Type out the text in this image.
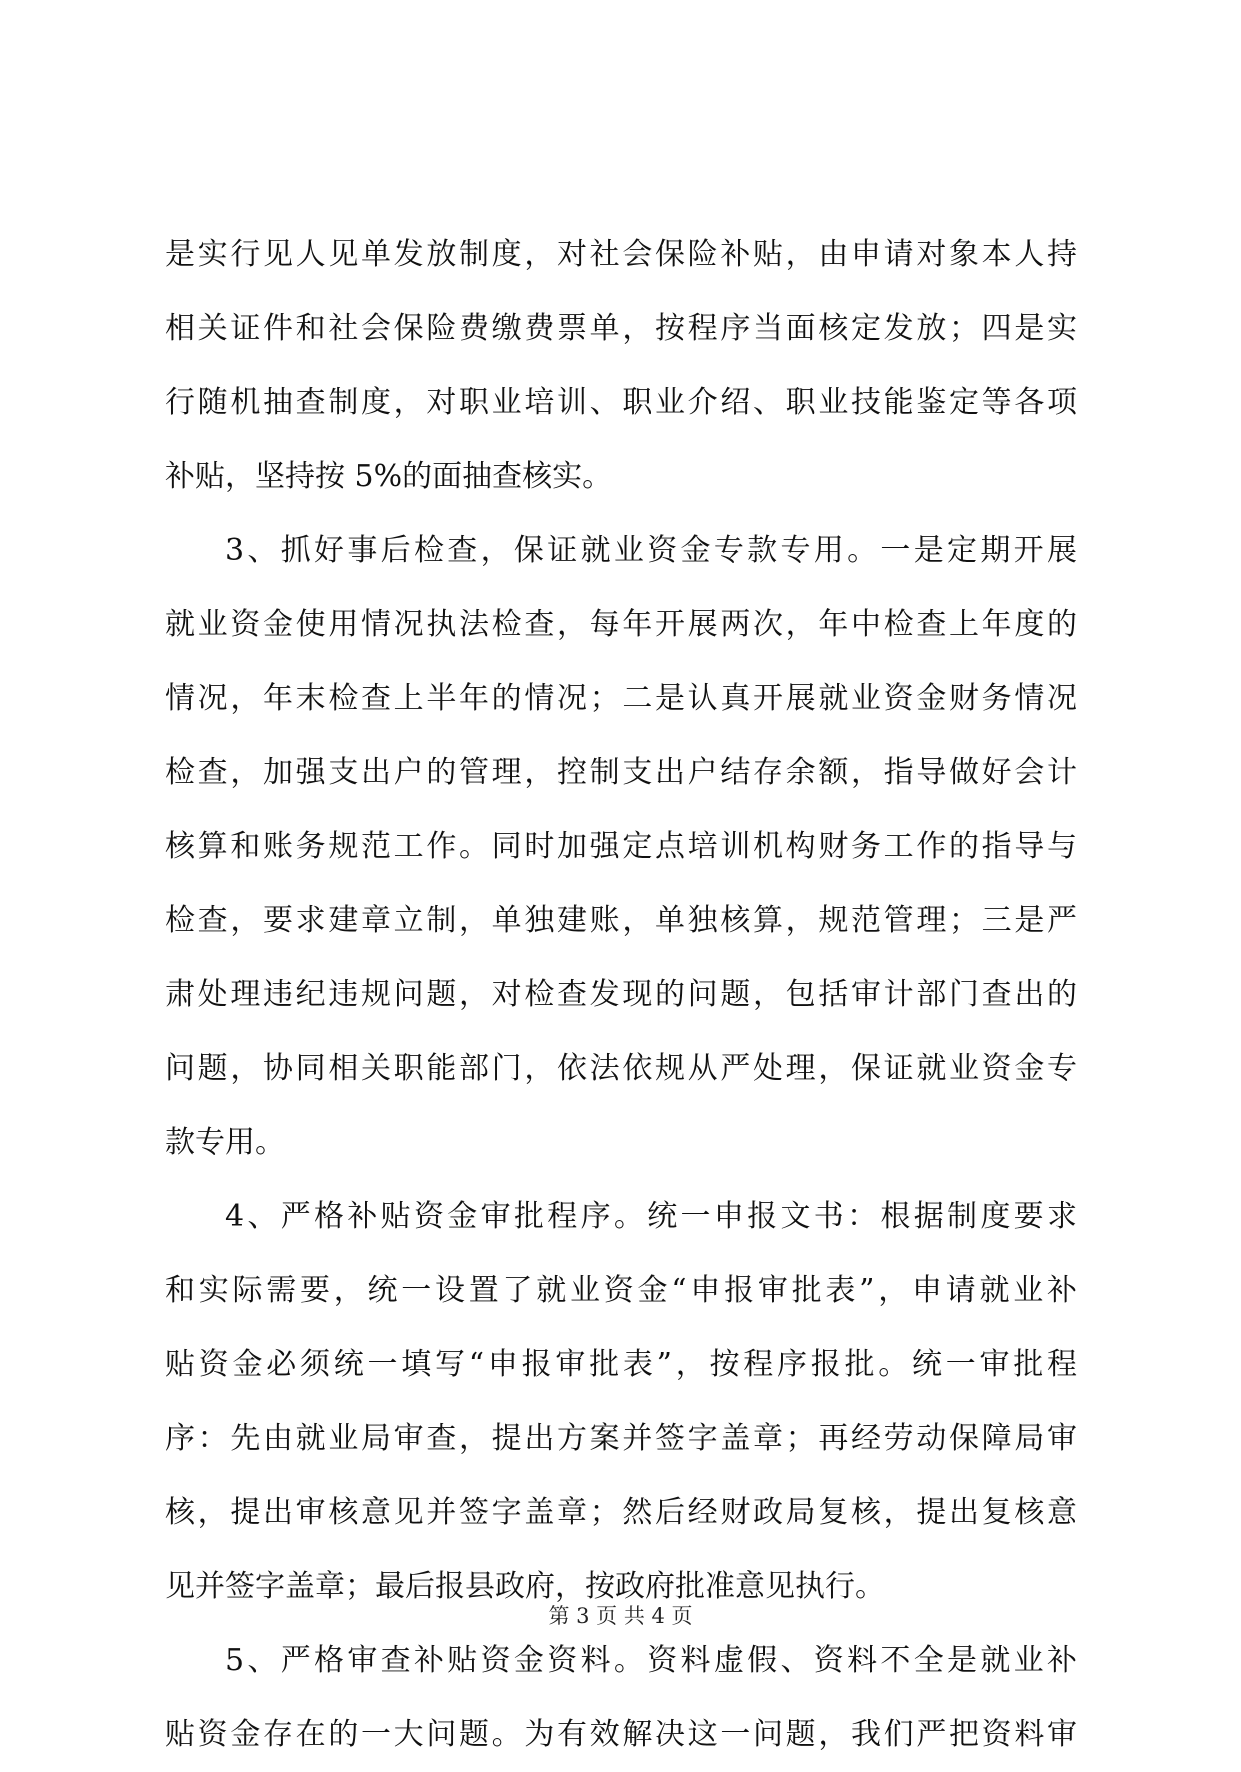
是实行见人见单发放制度，对社会保险补贴，由申请对象本人持
相关证件和社会保险费缴费票单，按程序当面核定发放；四是实
行随机抽查制度，对职业培训、职业介绍、职业技能鉴定等各项
补贴，坚持按 5%的面抽查核实。
3、抓好事后检查，保证就业资金专款专用。一是定期开展
就业资金使用情况执法检查，每年开展两次，年中检查上年度的
情况，年末检查上半年的情况；二是认真开展就业资金财务情况
检查，加强支出户的管理，控制支出户结存余额，指导做好会计
核算和账务规范工作。同时加强定点培训机构财务工作的指导与
检查，要求建章立制，单独建账，单独核算，规范管理；三是严
肃处理违纪违规问题，对检查发现的问题，包括审计部门查出的
问题，协同相关职能部门，依法依规从严处理，保证就业资金专
款专用。
4、严格补贴资金审批程序。统一申报文书：根据制度要求
和实际需要，统一设置了就业资金“申报审批表”，申请就业补
贴资金必须统一填写“申报审批表”，按程序报批。统一审批程
序：先由就业局审查，提出方案并签字盖章；再经劳动保障局审
核，提出审核意见并签字盖章；然后经财政局复核，提出复核意
见并签字盖章；最后报县政府，按政府批准意见执行。
5、严格审查补贴资金资料。资料虚假、资料不全是就业补
贴资金存在的一大问题。为有效解决这一问题，我们严把资料审
第 3 页 共 4 页
